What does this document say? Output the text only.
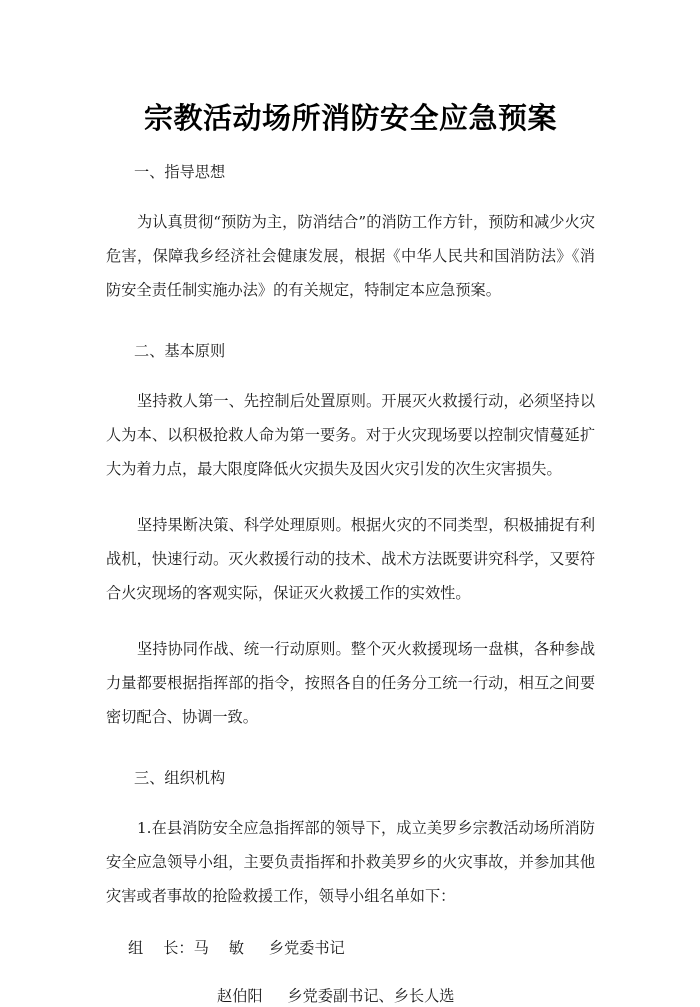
宗教活动场所消防安全应急预案

一、指导思想

为认真贯彻“预防为主，防消结合”的消防工作方针，预防和减少火灾危害，保障我乡经济社会健康发展，根据《中华人民共和国消防法》《消防安全责任制实施办法》的有关规定，特制定本应急预案。

二、基本原则

坚持救人第一、先控制后处置原则。开展灭火救援行动，必须坚持以人为本、以积极抢救人命为第一要务。对于火灾现场要以控制灾情蔓延扩大为着力点，最大限度降低火灾损失及因火灾引发的次生灾害损失。

坚持果断决策、科学处理原则。根据火灾的不同类型，积极捕捉有利战机，快速行动。灭火救援行动的技术、战术方法既要讲究科学，又要符合火灾现场的客观实际，保证灭火救援工作的实效性。

坚持协同作战、统一行动原则。整个灭火救援现场一盘棋，各种参战力量都要根据指挥部的指令，按照各自的任务分工统一行动，相互之间要密切配合、协调一致。

三、组织机构

1.在县消防安全应急指挥部的领导下，成立美罗乡宗教活动场所消防安全应急领导小组，主要负责指挥和扑救美罗乡的火灾事故，并参加其他灾害或者事故的抢险救援工作，领导小组名单如下：

组　 长：马　 敏　  乡党委书记

赵伯阳　  乡党委副书记、乡长人选
